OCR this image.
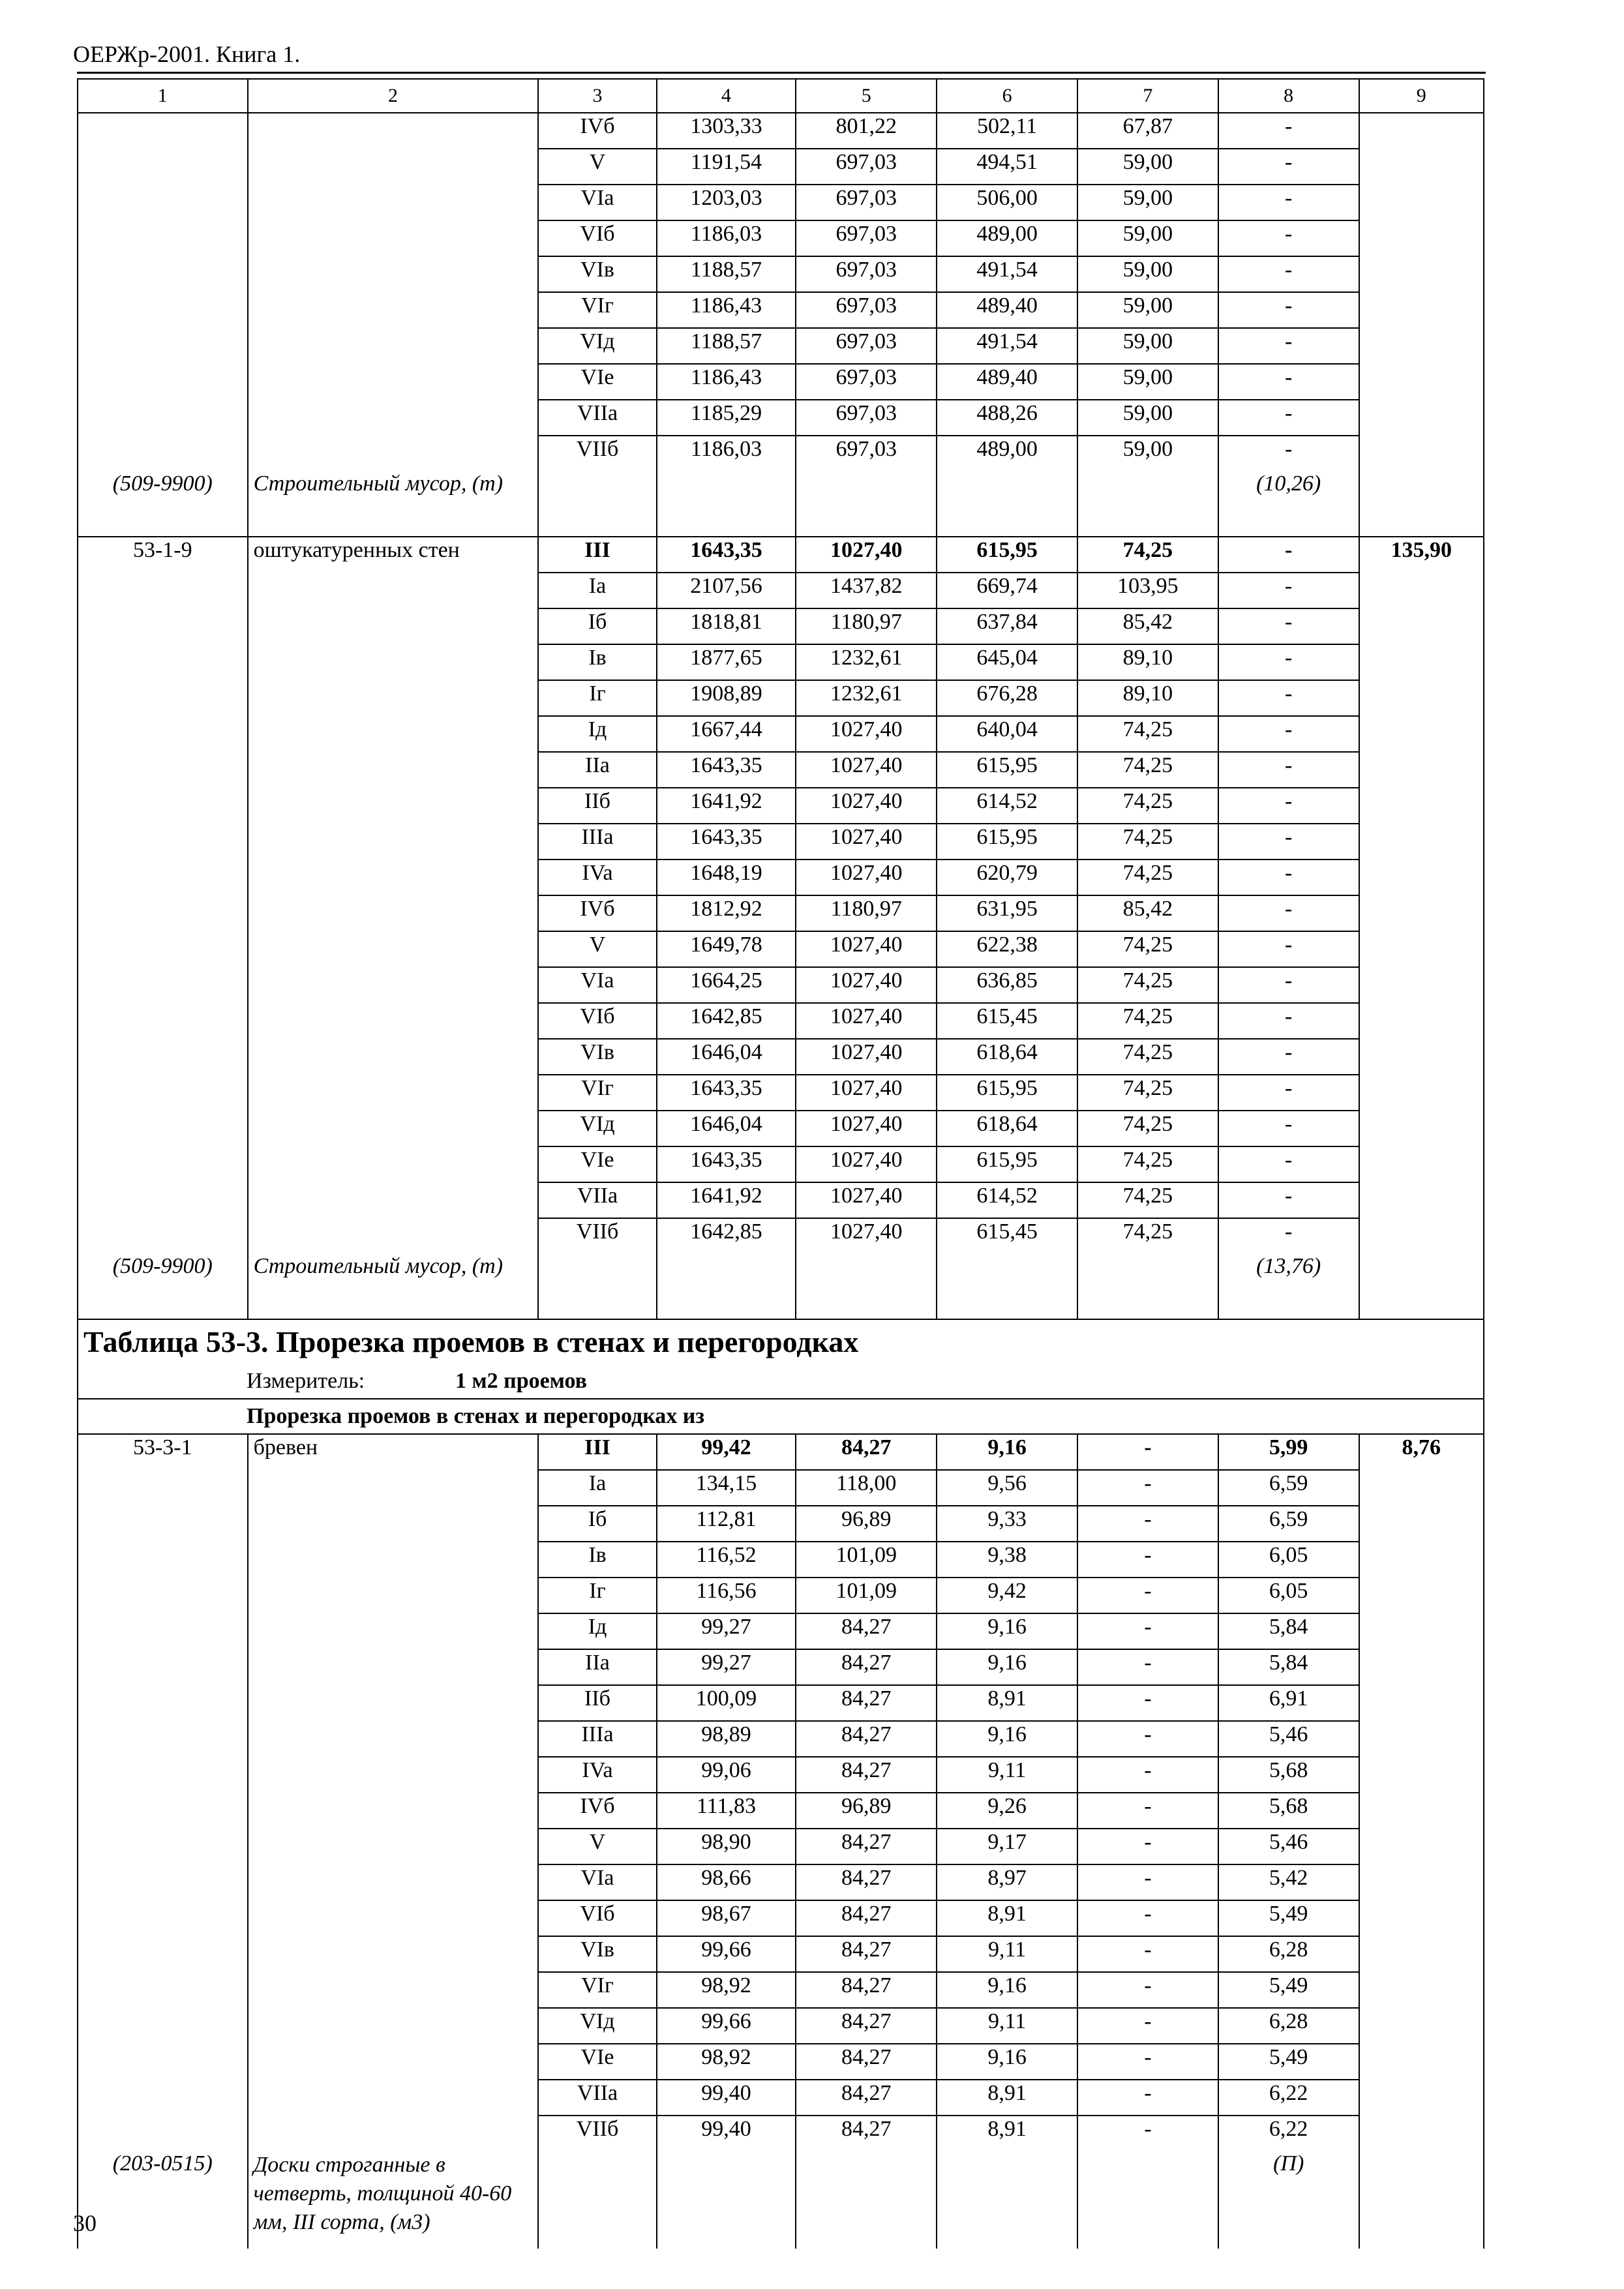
ОЕРЖр-2001. Книга 1.
1	2	3	4	5	6	7	8	9
		IVб	1303,33	801,22	502,11	67,87	-	
		V	1191,54	697,03	494,51	59,00	-	
		VIa	1203,03	697,03	506,00	59,00	-	
		VIб	1186,03	697,03	489,00	59,00	-	
		VIв	1188,57	697,03	491,54	59,00	-	
		VIг	1186,43	697,03	489,40	59,00	-	
		VIд	1188,57	697,03	491,54	59,00	-	
		VIe	1186,43	697,03	489,40	59,00	-	
		VIIa	1185,29	697,03	488,26	59,00	-	
		VIIб	1186,03	697,03	489,00	59,00	-	
(509-9900)	Строительный мусор, (т)						(10,26)	
53-1-9	оштукатуренных стен	III	1643,35	1027,40	615,95	74,25	-	135,90
		Ia	2107,56	1437,82	669,74	103,95	-	
		Iб	1818,81	1180,97	637,84	85,42	-	
		Iв	1877,65	1232,61	645,04	89,10	-	
		Iг	1908,89	1232,61	676,28	89,10	-	
		Iд	1667,44	1027,40	640,04	74,25	-	
		IIa	1643,35	1027,40	615,95	74,25	-	
		IIб	1641,92	1027,40	614,52	74,25	-	
		IIIa	1643,35	1027,40	615,95	74,25	-	
		IVa	1648,19	1027,40	620,79	74,25	-	
		IVб	1812,92	1180,97	631,95	85,42	-	
		V	1649,78	1027,40	622,38	74,25	-	
		VIa	1664,25	1027,40	636,85	74,25	-	
		VIб	1642,85	1027,40	615,45	74,25	-	
		VIв	1646,04	1027,40	618,64	74,25	-	
		VIг	1643,35	1027,40	615,95	74,25	-	
		VIд	1646,04	1027,40	618,64	74,25	-	
		VIe	1643,35	1027,40	615,95	74,25	-	
		VIIa	1641,92	1027,40	614,52	74,25	-	
		VIIб	1642,85	1027,40	615,45	74,25	-	
(509-9900)	Строительный мусор, (т)						(13,76)	
Таблица 53-3. Прорезка проемов в стенах и перегородках								
Измеритель: 1 м2 проемов								
Прорезка проемов в стенах и перегородках из								
53-3-1	бревен	III	99,42	84,27	9,16	-	5,99	8,76
		Ia	134,15	118,00	9,56	-	6,59	
		Iб	112,81	96,89	9,33	-	6,59	
		Iв	116,52	101,09	9,38	-	6,05	
		Iг	116,56	101,09	9,42	-	6,05	
		Iд	99,27	84,27	9,16	-	5,84	
		IIa	99,27	84,27	9,16	-	5,84	
		IIб	100,09	84,27	8,91	-	6,91	
		IIIa	98,89	84,27	9,16	-	5,46	
		IVa	99,06	84,27	9,11	-	5,68	
		IVб	111,83	96,89	9,26	-	5,68	
		V	98,90	84,27	9,17	-	5,46	
		VIa	98,66	84,27	8,97	-	5,42	
		VIб	98,67	84,27	8,91	-	5,49	
		VIв	99,66	84,27	9,11	-	6,28	
		VIг	98,92	84,27	9,16	-	5,49	
		VIд	99,66	84,27	9,11	-	6,28	
		VIe	98,92	84,27	9,16	-	5,49	
		VIIa	99,40	84,27	8,91	-	6,22	
		VIIб	99,40	84,27	8,91	-	6,22	
(203-0515)	Доски строганные в четверть, толщиной 40-60 мм, III сорта, (м3)						(П)	
30
